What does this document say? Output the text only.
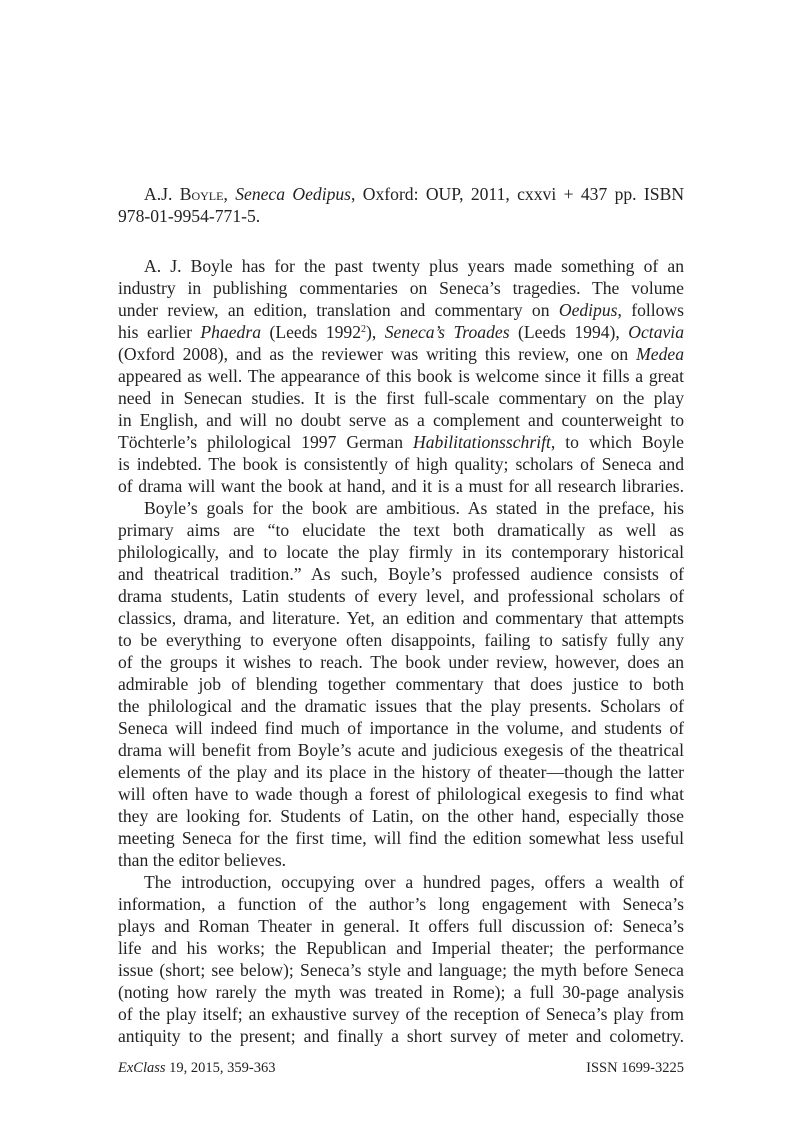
A.J. Boyle, Seneca Oedipus, Oxford: OUP, 2011, cxxvi + 437 pp. ISBN
978-01-9954-771-5.
A. J. Boyle has for the past twenty plus years made something of an
industry in publishing commentaries on Seneca’s tragedies. The volume
under review, an edition, translation and commentary on Oedipus, follows
his earlier Phaedra (Leeds 1992$^2$), Seneca’s Troades (Leeds 1994), Octavia
(Oxford 2008), and as the reviewer was writing this review, one on Medea
appeared as well. The appearance of this book is welcome since it fills a great
need in Senecan studies. It is the first full-scale commentary on the play
in English, and will no doubt serve as a complement and counterweight to
Töchterle’s philological 1997 German Habilitationsschrift, to which Boyle
is indebted. The book is consistently of high quality; scholars of Seneca and
of drama will want the book at hand, and it is a must for all research libraries.
Boyle’s goals for the book are ambitious. As stated in the preface, his
primary aims are “to elucidate the text both dramatically as well as
philologically, and to locate the play firmly in its contemporary historical
and theatrical tradition.” As such, Boyle’s professed audience consists of
drama students, Latin students of every level, and professional scholars of
classics, drama, and literature. Yet, an edition and commentary that attempts
to be everything to everyone often disappoints, failing to satisfy fully any
of the groups it wishes to reach. The book under review, however, does an
admirable job of blending together commentary that does justice to both
the philological and the dramatic issues that the play presents. Scholars of
Seneca will indeed find much of importance in the volume, and students of
drama will benefit from Boyle’s acute and judicious exegesis of the theatrical
elements of the play and its place in the history of theater—though the latter
will often have to wade though a forest of philological exegesis to find what
they are looking for. Students of Latin, on the other hand, especially those
meeting Seneca for the first time, will find the edition somewhat less useful
than the editor believes.
The introduction, occupying over a hundred pages, offers a wealth of
information, a function of the author’s long engagement with Seneca’s
plays and Roman Theater in general. It offers full discussion of: Seneca’s
life and his works; the Republican and Imperial theater; the performance
issue (short; see below); Seneca’s style and language; the myth before Seneca
(noting how rarely the myth was treated in Rome); a full 30-page analysis
of the play itself; an exhaustive survey of the reception of Seneca’s play from
antiquity to the present; and finally a short survey of meter and colometry.
ExClass 19, 2015, 359-363	ISSN 1699-3225
